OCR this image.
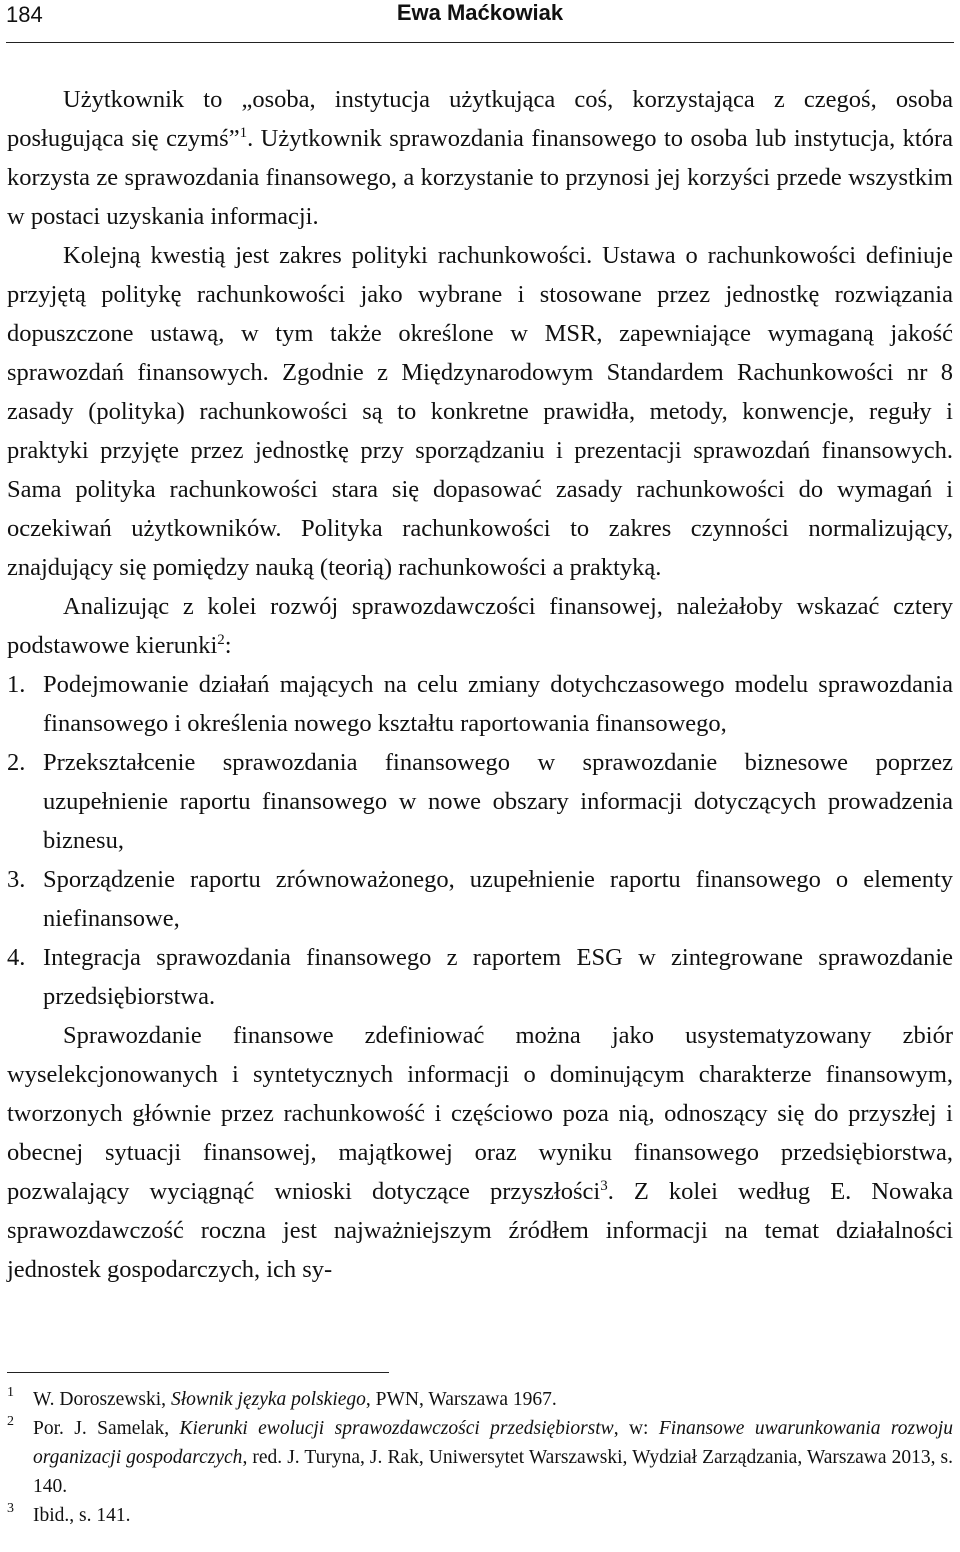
184	Ewa Maćkowiak

Użytkownik to „osoba, instytucja użytkująca coś, korzystająca z czegoś, osoba posługująca się czymś”$^1$. Użytkownik sprawozdania finansowego to osoba lub instytucja, która korzysta ze sprawozdania finansowego, a korzystanie to przynosi jej korzyści przede wszystkim w postaci uzyskania informacji.

Kolejną kwestią jest zakres polityki rachunkowości. Ustawa o rachunkowości definiuje przyjętą politykę rachunkowości jako wybrane i stosowane przez jednostkę rozwiązania dopuszczone ustawą, w tym także określone w MSR, zapewniające wymaganą jakość sprawozdań finansowych. Zgodnie z Międzynarodowym Standardem Rachunkowości nr 8 zasady (polityka) rachunkowości są to konkretne prawidła, metody, konwencje, reguły i praktyki przyjęte przez jednostkę przy sporządzaniu i prezentacji sprawozdań finansowych. Sama polityka rachunkowości stara się dopasować zasady rachunkowości do wymagań i oczekiwań użytkowników. Polityka rachunkowości to zakres czynności normalizujący, znajdujący się pomiędzy nauką (teorią) rachunkowości a praktyką.

Analizując z kolei rozwój sprawozdawczości finansowej, należałoby wskazać cztery podstawowe kierunki$^2$:

1. Podejmowanie działań mających na celu zmiany dotychczasowego modelu sprawozdania finansowego i określenia nowego kształtu raportowania finansowego,
2. Przekształcenie sprawozdania finansowego w sprawozdanie biznesowe poprzez uzupełnienie raportu finansowego w nowe obszary informacji dotyczących prowadzenia biznesu,
3. Sporządzenie raportu zrównoważonego, uzupełnienie raportu finansowego o elementy niefinansowe,
4. Integracja sprawozdania finansowego z raportem ESG w zintegrowane sprawozdanie przedsiębiorstwa.

Sprawozdanie finansowe zdefiniować można jako usystematyzowany zbiór wyselekcjonowanych i syntetycznych informacji o dominującym charakterze finansowym, tworzonych głównie przez rachunkowość i częściowo poza nią, odnoszący się do przyszłej i obecnej sytuacji finansowej, majątkowej oraz wyniku finansowego przedsiębiorstwa, pozwalający wyciągnąć wnioski dotyczące przyszłości$^3$. Z kolei według E. Nowaka sprawozdawczość roczna jest najważniejszym źródłem informacji na temat działalności jednostek gospodarczych, ich sy-

1 W. Doroszewski, Słownik języka polskiego, PWN, Warszawa 1967.
2 Por. J. Samelak, Kierunki ewolucji sprawozdawczości przedsiębiorstw, w: Finansowe uwarunkowania rozwoju organizacji gospodarczych, red. J. Turyna, J. Rak, Uniwersytet Warszawski, Wydział Zarządzania, Warszawa 2013, s. 140.
3 Ibid., s. 141.
